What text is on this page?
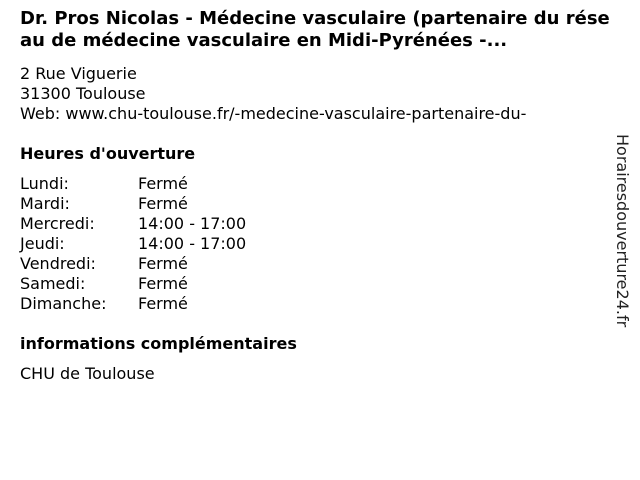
Dr. Pros Nicolas - Médecine vasculaire (partenaire du réseau de médecine vasculaire en Midi-Pyrénées -...
2 Rue Viguerie
31300 Toulouse
Web: www.chu-toulouse.fr/-medecine-vasculaire-partenaire-du-
Heures d'ouverture
Lundi:	Fermé
Mardi:	Fermé
Mercredi:	14:00 - 17:00
Jeudi:	14:00 - 17:00
Vendredi:	Fermé
Samedi:	Fermé
Dimanche:	Fermé
informations complémentaires
CHU de Toulouse
Horairesdouverture24.fr
